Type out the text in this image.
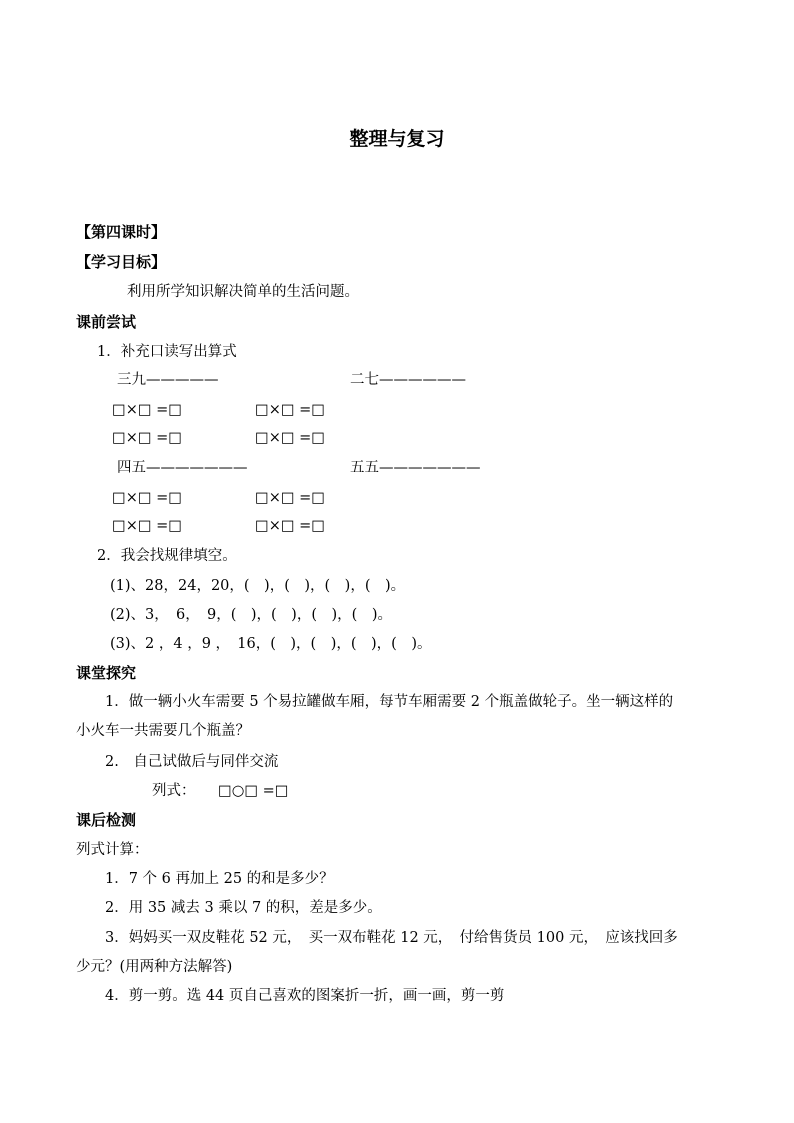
整理与复习
【第四课时】
【学习目标】
利用所学知识解决简单的生活问题。
课前尝试
1．补充口读写出算式
三九—————	二七——————
□×□ =□	□×□ =□
□×□ =□	□×□ =□
四五———————	五五———————
□×□ =□	□×□ =□
□×□ =□	□×□ =□
2．我会找规律填空。
(1)、28，24，20，(　)，(　)，(　)，(　)。
(2)、3，　6，　9，(　)，(　)，(　)，(　)。
(3)、2 ，4 ，9 ，　16，(　)，(　)，(　)，(　)。
课堂探究
1．做一辆小火车需要 5 个易拉罐做车厢，每节车厢需要 2 个瓶盖做轮子。坐一辆这样的
小火车一共需要几个瓶盖？
2.　自己试做后与同伴交流
列式： □○□ =□
课后检测
列式计算：
1．7 个 6 再加上 25 的和是多少？
2．用 35 减去 3 乘以 7 的积，差是多少。
3．妈妈买一双皮鞋花 52 元，　买一双布鞋花 12 元，　付给售货员 100 元，　应该找回多
少元？(用两种方法解答)
4．剪一剪。选 44 页自己喜欢的图案折一折，画一画，剪一剪
